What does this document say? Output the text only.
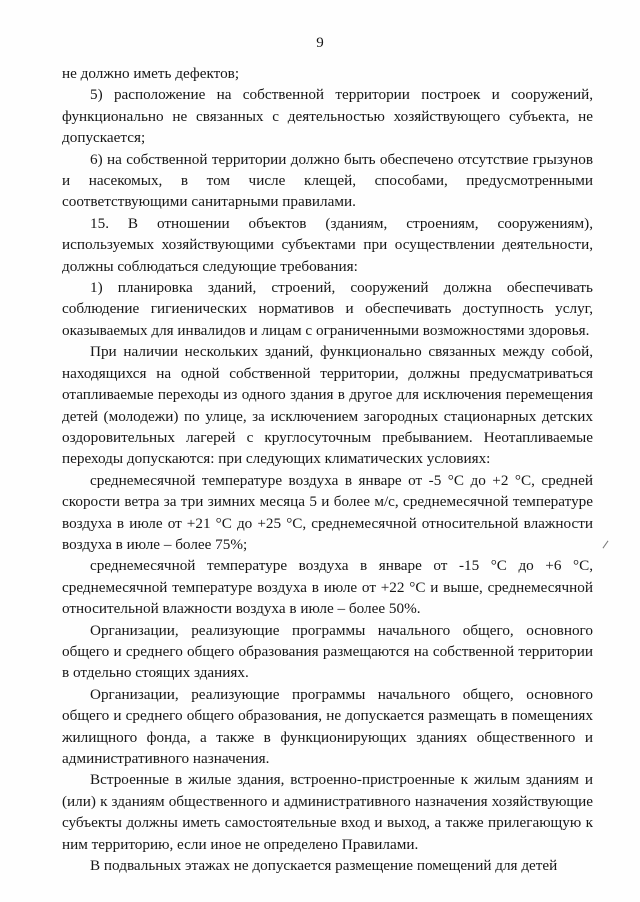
9

не должно иметь дефектов;

5) расположение на собственной территории построек и сооружений, функционально не связанных с деятельностью хозяйствующего субъекта, не допускается;

6) на собственной территории должно быть обеспечено отсутствие грызунов и насекомых, в том числе клещей, способами, предусмотренными соответствующими санитарными правилами.

15. В отношении объектов (зданиям, строениям, сооружениям), используемых хозяйствующими субъектами при осуществлении деятельности, должны соблюдаться следующие требования:

1) планировка зданий, строений, сооружений должна обеспечивать соблюдение гигиенических нормативов и обеспечивать доступность услуг, оказываемых для инвалидов и лицам с ограниченными возможностями здоровья.

При наличии нескольких зданий, функционально связанных между собой, находящихся на одной собственной территории, должны предусматриваться отапливаемые переходы из одного здания в другое для исключения перемещения детей (молодежи) по улице, за исключением загородных стационарных детских оздоровительных лагерей с круглосуточным пребыванием. Неотапливаемые переходы допускаются: при следующих климатических условиях:

среднемесячной температуре воздуха в январе от -5 °С до +2 °С, средней скорости ветра за три зимних месяца 5 и более м/с, среднемесячной температуре воздуха в июле от +21 °С до +25 °С, среднемесячной относительной влажности воздуха в июле – более 75%;

среднемесячной температуре воздуха в январе от -15 °С до +6 °С, среднемесячной температуре воздуха в июле от +22 °С и выше, среднемесячной относительной влажности воздуха в июле – более 50%.

Организации, реализующие программы начального общего, основного общего и среднего общего образования размещаются на собственной территории в отдельно стоящих зданиях.

Организации, реализующие программы начального общего, основного общего и среднего общего образования, не допускается размещать в помещениях жилищного фонда, а также в функционирующих зданиях общественного и административного назначения.

Встроенные в жилые здания, встроенно-пристроенные к жилым зданиям и (или) к зданиям общественного и административного назначения хозяйствующие субъекты должны иметь самостоятельные вход и выход, а также прилегающую к ним территорию, если иное не определено Правилами.

В подвальных этажах не допускается размещение помещений для детей
